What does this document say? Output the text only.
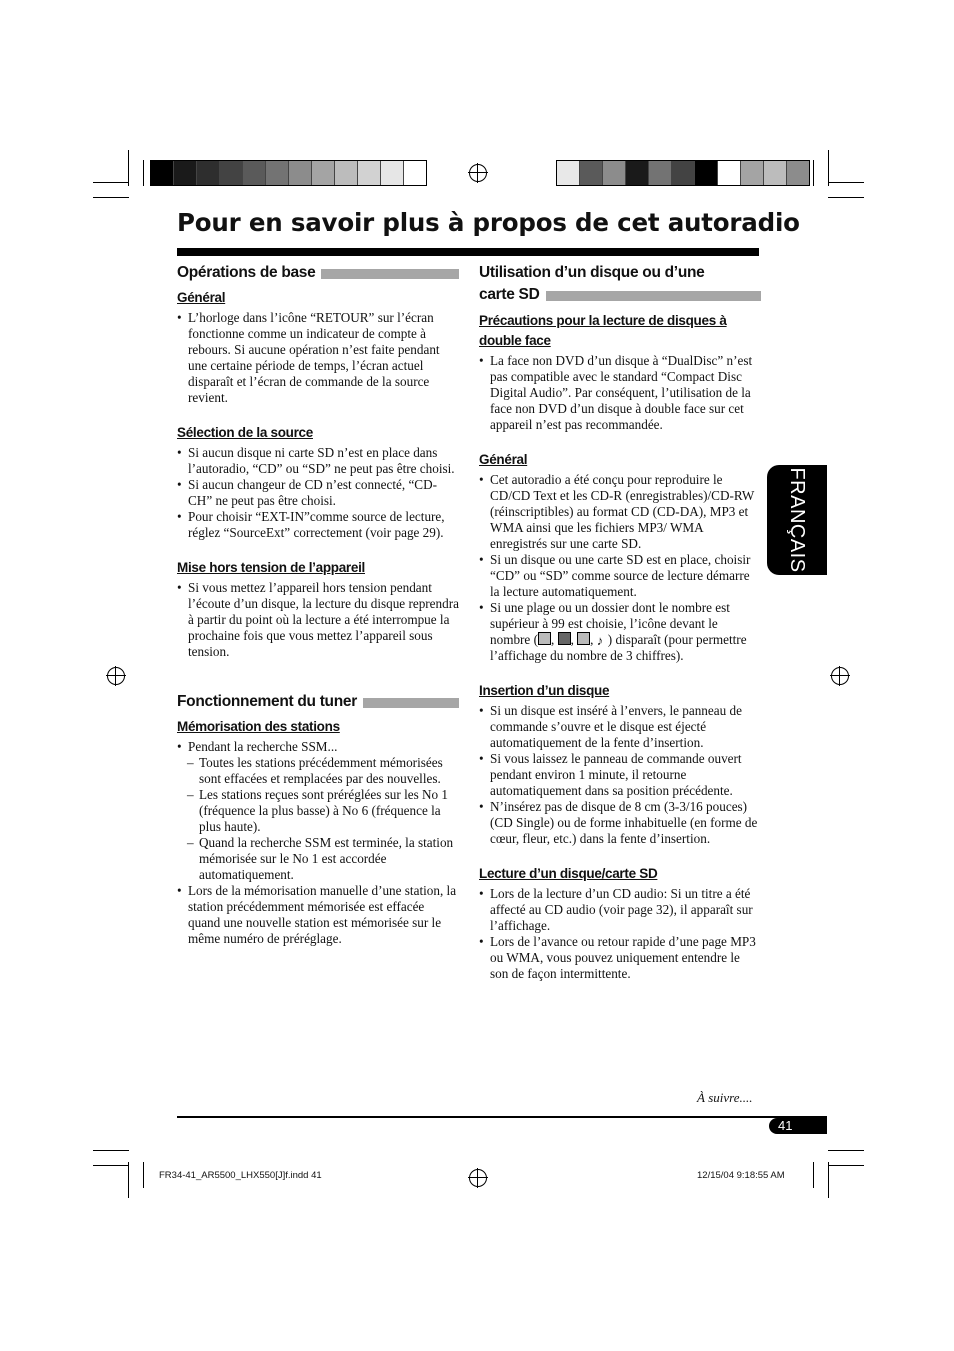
Pour en savoir plus à propos de cet autoradio
FRANÇAIS
Opérations de base

Général

• L’horloge dans l’icône “RETOUR” sur l’écran fonctionne comme un indicateur de compte à rebours. Si aucune opération n’est faite pendant une certaine période de temps, l’écran actuel disparaît et l’écran de commande de la source revient.

Sélection de la source

• Si aucun disque ni carte SD n’est en place dans l’autoradio, “CD” ou “SD” ne peut pas être choisi.
• Si aucun changeur de CD n’est connecté, “CD-CH” ne peut pas être choisi.
• Pour choisir “EXT-IN”comme source de lecture, réglez “SourceExt” correctement (voir page 29).

Mise hors tension de l’appareil

• Si vous mettez l’appareil hors tension pendant l’écoute d’un disque, la lecture du disque reprendra à partir du point où la lecture a été interrompue la prochaine fois que vous mettez l’appareil sous tension.
Fonctionnement du tuner

Mémorisation des stations

• Pendant la recherche SSM...
– Toutes les stations précédemment mémorisées sont effacées et remplacées par des nouvelles.
– Les stations reçues sont préréglées sur les No 1 (fréquence la plus basse) à No 6 (fréquence la plus haute).
– Quand la recherche SSM est terminée, la station mémorisée sur le No 1 est accordée automatiquement.
• Lors de la mémorisation manuelle d’une station, la station précédemment mémorisée est effacée quand une nouvelle station est mémorisée sur le même numéro de préréglage.
Utilisation d’un disque ou d’une
carte SD

Précautions pour la lecture de disques à double face

• La face non DVD d’un disque à “DualDisc” n’est pas compatible avec le standard “Compact Disc Digital Audio”. Par conséquent, l’utilisation de la face non DVD d’un disque à double face sur cet appareil n’est pas recommandée.

Général

• Cet autoradio a été conçu pour reproduire le CD/CD Text et les CD-R (enregistrables)/CD-RW (réinscriptibles) au format CD (CD-DA), MP3 et WMA ainsi que les fichiers MP3/ WMA enregistrés sur une carte SD.
• Si un disque ou une carte SD est en place, choisir “CD” ou “SD” comme source de lecture démarre la lecture automatiquement.
• Si une plage ou un dossier dont le nombre est supérieur à 99 est choisie, l’icône devant le nombre ( , , , ♪ ) disparaît (pour permettre l’affichage du nombre de 3 chiffres).

Insertion d’un disque

• Si un disque est inséré à l’envers, le panneau de commande s’ouvre et le disque est éjecté automatiquement de la fente d’insertion.
• Si vous laissez le panneau de commande ouvert pendant environ 1 minute, il retourne automatiquement dans sa position précédente.
• N’insérez pas de disque de 8 cm (3-3/16 pouces) (CD Single) ou de forme inhabituelle (en forme de cœur, fleur, etc.) dans la fente d’insertion.

Lecture d’un disque/carte SD

• Lors de la lecture d’un CD audio: Si un titre a été affecté au CD audio (voir page 32), il apparaît sur l’affichage.
• Lors de l’avance ou retour rapide d’une page MP3 ou WMA, vous pouvez uniquement entendre le son de façon intermittente.
À suivre....
41
FR34-41_AR5500_LHX550[J]f.indd 41	12/15/04 9:18:55 AM
